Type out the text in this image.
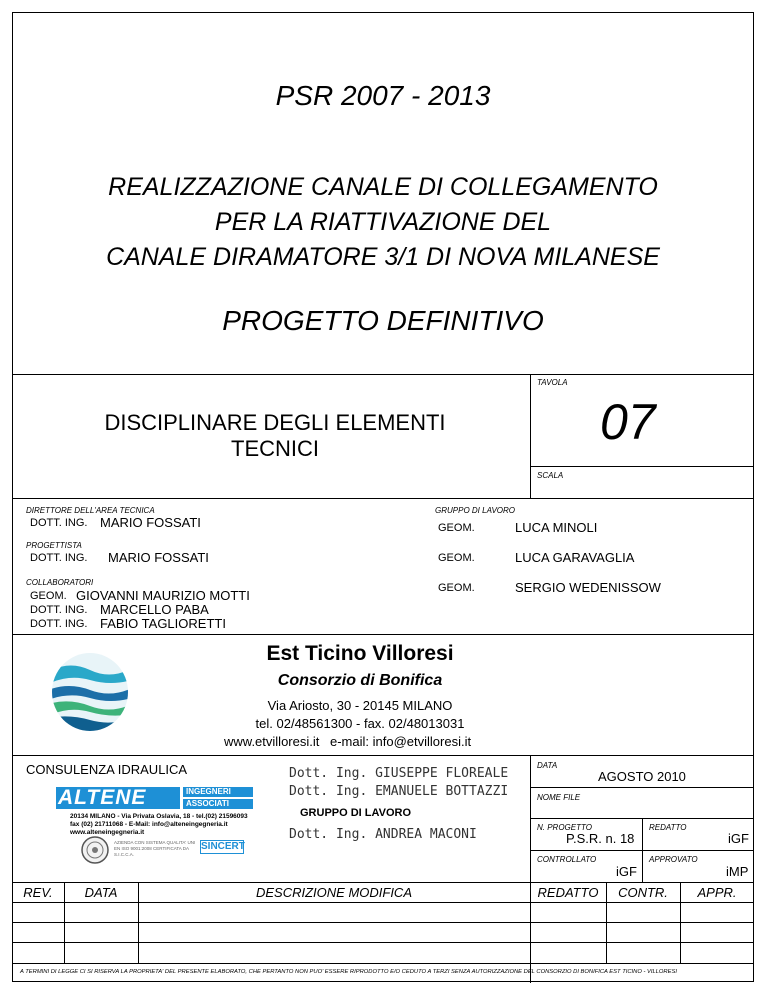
PSR 2007 - 2013
REALIZZAZIONE CANALE DI COLLEGAMENTO
PER LA RIATTIVAZIONE DEL
CANALE DIRAMATORE 3/1 DI NOVA MILANESE
PROGETTO DEFINITIVO
DISCIPLINARE DEGLI ELEMENTI
TECNICI
TAVOLA
07
SCALA
DIRETTORE DELL'AREA TECNICA
DOTT. ING. MARIO FOSSATI
PROGETTISTA
DOTT. ING. MARIO FOSSATI
COLLABORATORI
GEOM. GIOVANNI MAURIZIO MOTTI
DOTT. ING. MARCELLO PABA
DOTT. ING. FABIO TAGLIORETTI
GRUPPO DI LAVORO
GEOM.	LUCA MINOLI
GEOM.	LUCA GARAVAGLIA
GEOM.	SERGIO WEDENISSOW
Est Ticino Villoresi
Consorzio di Bonifica
Via Ariosto, 30 - 20145 MILANO
tel. 02/48561300 - fax. 02/48013031
www.etvilloresi.it e-mail: info@etvilloresi.it
CONSULENZA IDRAULICA
ALTENE	INGEGNERI
ASSOCIATI
20134 MILANO - Via Privata Oslavia, 18 - tel.(02) 21596093
fax (02) 21711068 - E-Mail: info@alteneingegneria.it
www.alteneingegneria.it
AZIENDA CON SISTEMA QUALITA' UNI EN ISO 9001:2008 CERTIFICATA DA S.I.C.C.A.
SINCERT
Dott. Ing. GIUSEPPE FLOREALE
Dott. Ing. EMANUELE BOTTAZZI
GRUPPO DI LAVORO
Dott. Ing. ANDREA MACONI
DATA
AGOSTO 2010
NOME FILE
N. PROGETTO
P.S.R. n. 18
REDATTO
iGF
CONTROLLATO
iGF
APPROVATO
iMP
REV.	DATA	DESCRIZIONE MODIFICA	REDATTO	CONTR.	APPR.
A TERMINI DI LEGGE CI SI RISERVA LA PROPRIETA' DEL PRESENTE ELABORATO, CHE PERTANTO NON PUO' ESSERE RIPRODOTTO E/O CEDUTO A TERZI SENZA AUTORIZZAZIONE DEL CONSORZIO DI BONIFICA EST TICINO - VILLORESI
